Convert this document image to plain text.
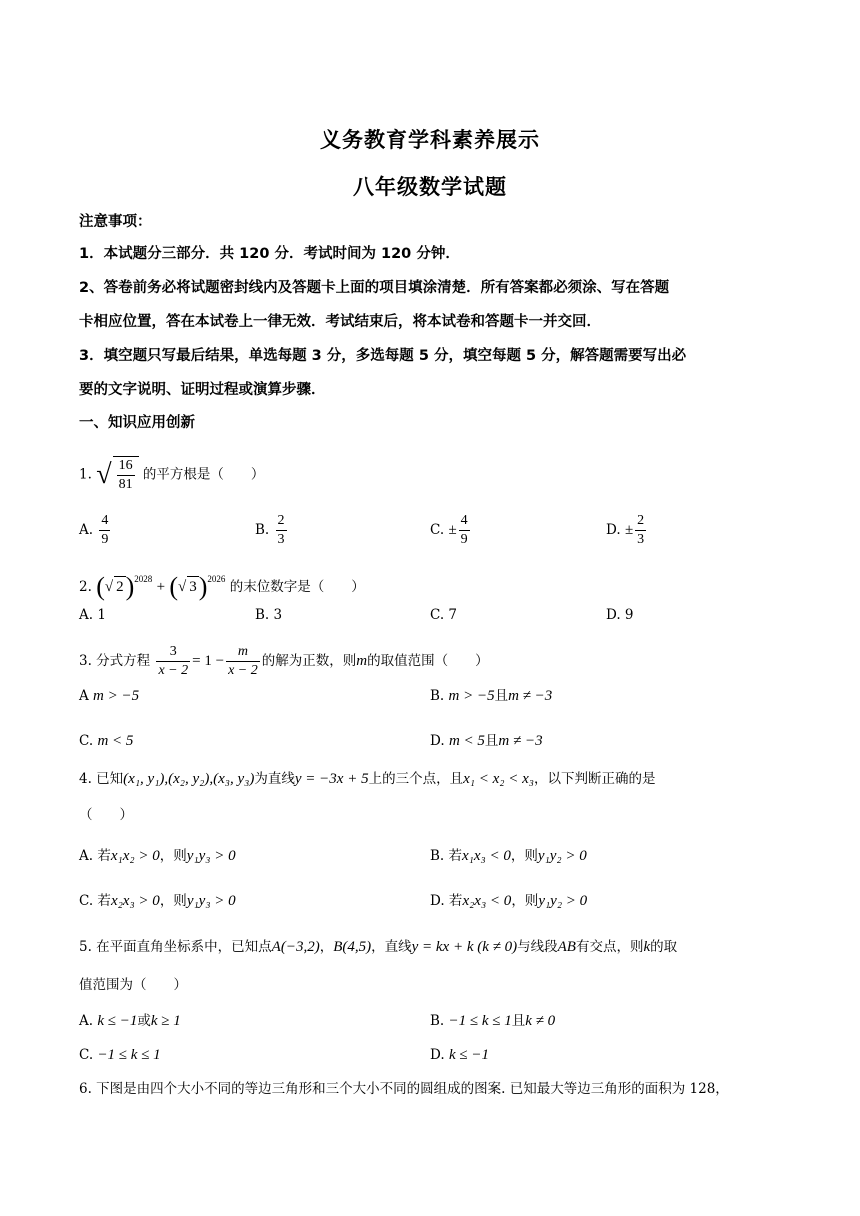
义务教育学科素养展示
八年级数学试题
注意事项：
1．本试题分三部分．共 120 分．考试时间为 120 分钟．
2、答卷前务必将试题密封线内及答题卡上面的项目填涂清楚．所有答案都必须涂、写在答题
卡相应位置，答在本试卷上一律无效．考试结束后，将本试卷和答题卡一并交回．
3．填空题只写最后结果，单选每题 3 分，多选每题 5 分，填空每题 5 分，解答题需要写出必
要的文字说明、证明过程或演算步骤．
一、知识应用创新
1. √ $\frac{16}{81}$ 的平方根是（　　）
A. $\frac{4}{9}$	B. $\frac{2}{3}$	C. ± $\frac{4}{9}$	D. ± $\frac{2}{3}$
2. (√ 2)$^{2028}$ + (√ 3)$^{2026}$ 的末位数字是（　　）
A. 1	B. 3	C. 7	D. 9
3. 分式方程 $\frac{3}{x - 2} = 1 - \frac{m}{x - 2}$ 的解为正数，则m的取值范围（　　）
A m > −5	B. m > −5且m ≠ −3
C. m < 5	D. m < 5且m ≠ −3
4. 已知(x₁, y₁),(x₂, y₂),(x₃, y₃)为直线y = −3x + 5上的三个点，且x₁ < x₂ < x₃，以下判断正确的是
（　　）
A. 若x₁x₂ > 0，则y₁y₃ > 0	B. 若x₁x₃ < 0，则y₁y₂ > 0
C. 若x₂x₃ > 0，则y₁y₃ > 0	D. 若x₂x₃ < 0，则y₁y₂ > 0
5. 在平面直角坐标系中，已知点A(−3,2)，B(4,5)，直线y = kx + k (k ≠ 0)与线段AB有交点，则k的取
值范围为（　　）
A. k ≤ −1或k ≥ 1	B. −1 ≤ k ≤ 1且k ≠ 0
C. −1 ≤ k ≤ 1	D. k ≤ −1
6. 下图是由四个大小不同的等边三角形和三个大小不同的圆组成的图案. 已知最大等边三角形的面积为 128，
